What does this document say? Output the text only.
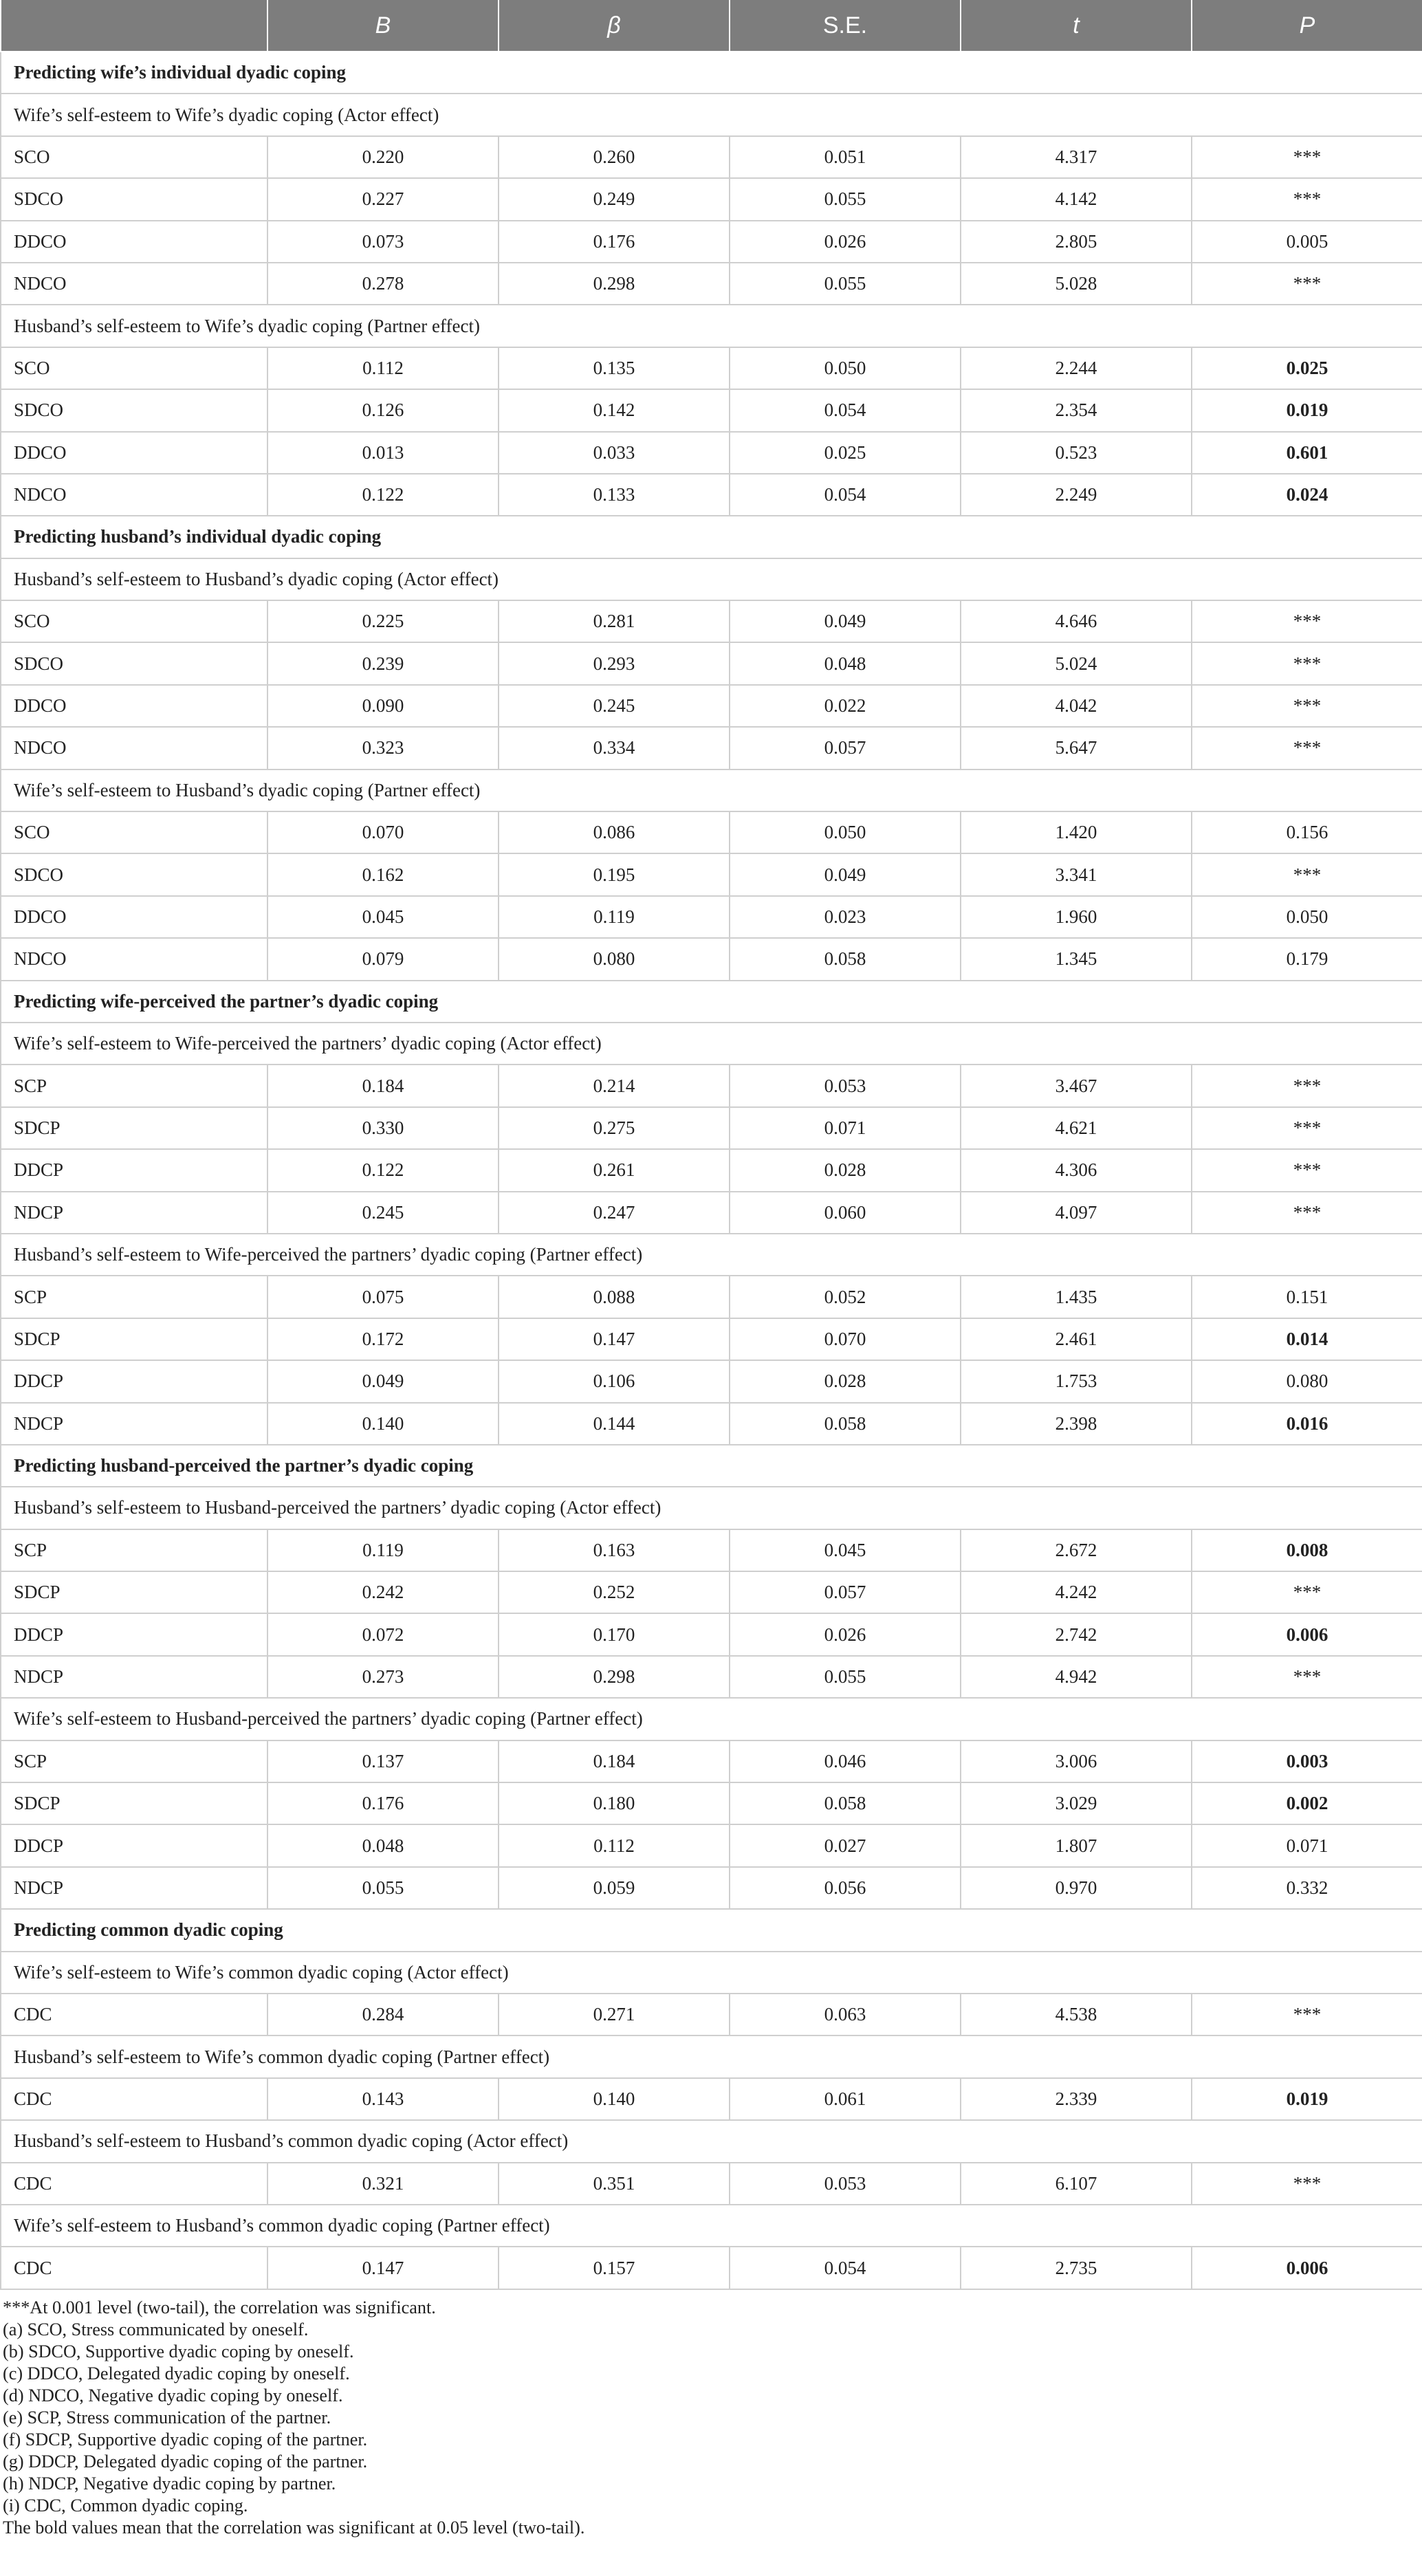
	B	β	S.E.	t	P
Predicting wife’s individual dyadic coping					
Wife’s self-esteem to Wife’s dyadic coping (Actor effect)					
SCO	0.220	0.260	0.051	4.317	***
SDCO	0.227	0.249	0.055	4.142	***
DDCO	0.073	0.176	0.026	2.805	0.005
NDCO	0.278	0.298	0.055	5.028	***
Husband’s self-esteem to Wife’s dyadic coping (Partner effect)					
SCO	0.112	0.135	0.050	2.244	0.025
SDCO	0.126	0.142	0.054	2.354	0.019
DDCO	0.013	0.033	0.025	0.523	0.601
NDCO	0.122	0.133	0.054	2.249	0.024
Predicting husband’s individual dyadic coping					
Husband’s self-esteem to Husband’s dyadic coping (Actor effect)					
SCO	0.225	0.281	0.049	4.646	***
SDCO	0.239	0.293	0.048	5.024	***
DDCO	0.090	0.245	0.022	4.042	***
NDCO	0.323	0.334	0.057	5.647	***
Wife’s self-esteem to Husband’s dyadic coping (Partner effect)					
SCO	0.070	0.086	0.050	1.420	0.156
SDCO	0.162	0.195	0.049	3.341	***
DDCO	0.045	0.119	0.023	1.960	0.050
NDCO	0.079	0.080	0.058	1.345	0.179
Predicting wife-perceived the partner’s dyadic coping					
Wife’s self-esteem to Wife-perceived the partners’ dyadic coping (Actor effect)					
SCP	0.184	0.214	0.053	3.467	***
SDCP	0.330	0.275	0.071	4.621	***
DDCP	0.122	0.261	0.028	4.306	***
NDCP	0.245	0.247	0.060	4.097	***
Husband’s self-esteem to Wife-perceived the partners’ dyadic coping (Partner effect)					
SCP	0.075	0.088	0.052	1.435	0.151
SDCP	0.172	0.147	0.070	2.461	0.014
DDCP	0.049	0.106	0.028	1.753	0.080
NDCP	0.140	0.144	0.058	2.398	0.016
Predicting husband-perceived the partner’s dyadic coping					
Husband’s self-esteem to Husband-perceived the partners’ dyadic coping (Actor effect)					
SCP	0.119	0.163	0.045	2.672	0.008
SDCP	0.242	0.252	0.057	4.242	***
DDCP	0.072	0.170	0.026	2.742	0.006
NDCP	0.273	0.298	0.055	4.942	***
Wife’s self-esteem to Husband-perceived the partners’ dyadic coping (Partner effect)					
SCP	0.137	0.184	0.046	3.006	0.003
SDCP	0.176	0.180	0.058	3.029	0.002
DDCP	0.048	0.112	0.027	1.807	0.071
NDCP	0.055	0.059	0.056	0.970	0.332
Predicting common dyadic coping					
Wife’s self-esteem to Wife’s common dyadic coping (Actor effect)					
CDC	0.284	0.271	0.063	4.538	***
Husband’s self-esteem to Wife’s common dyadic coping (Partner effect)					
CDC	0.143	0.140	0.061	2.339	0.019
Husband’s self-esteem to Husband’s common dyadic coping (Actor effect)					
CDC	0.321	0.351	0.053	6.107	***
Wife’s self-esteem to Husband’s common dyadic coping (Partner effect)					
CDC	0.147	0.157	0.054	2.735	0.006
***At 0.001 level (two-tail), the correlation was significant.
(a) SCO, Stress communicated by oneself.
(b) SDCO, Supportive dyadic coping by oneself.
(c) DDCO, Delegated dyadic coping by oneself.
(d) NDCO, Negative dyadic coping by oneself.
(e) SCP, Stress communication of the partner.
(f) SDCP, Supportive dyadic coping of the partner.
(g) DDCP, Delegated dyadic coping of the partner.
(h) NDCP, Negative dyadic coping by partner.
(i) CDC, Common dyadic coping.
The bold values mean that the correlation was significant at 0.05 level (two-tail).
